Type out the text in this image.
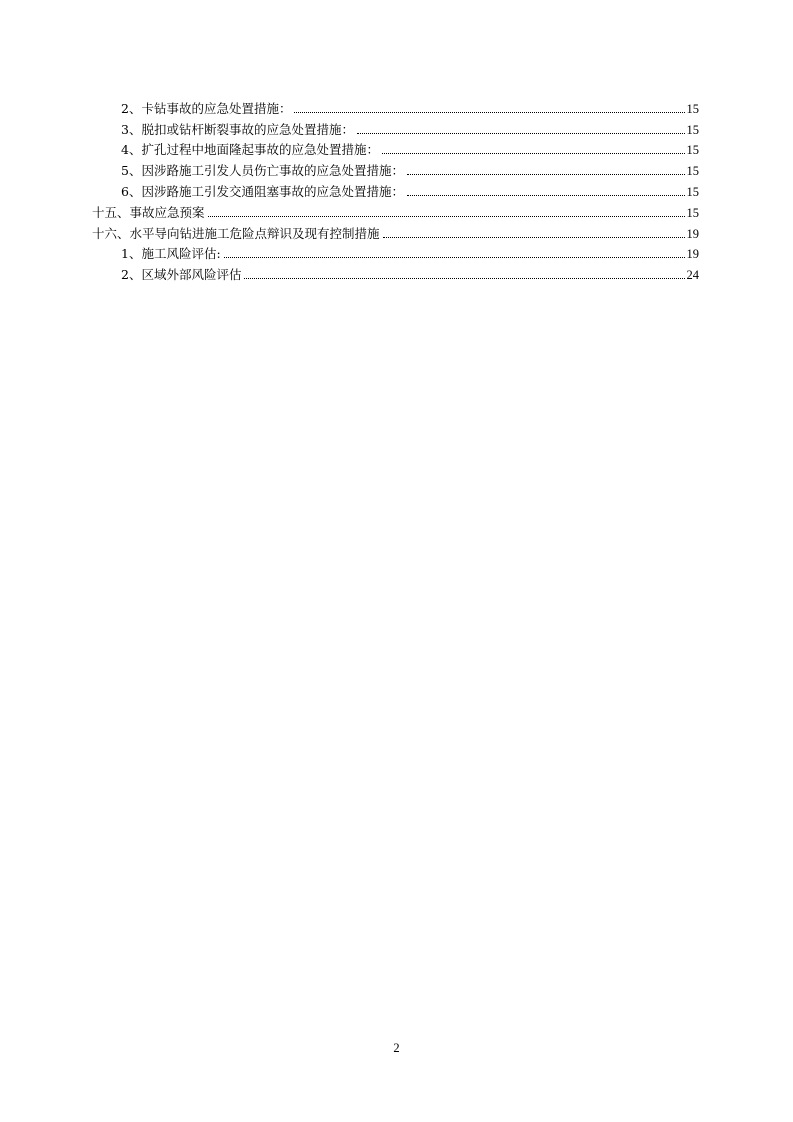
2、卡钻事故的应急处置措施：	15
3、脱扣或钻杆断裂事故的应急处置措施：	15
4、扩孔过程中地面隆起事故的应急处置措施：	15
5、因涉路施工引发人员伤亡事故的应急处置措施：	15
6、因涉路施工引发交通阻塞事故的应急处置措施：	15
十五、事故应急预案	15
十六、水平导向钻进施工危险点辩识及现有控制措施	19
1、施工风险评估:	19
2、区域外部风险评估	24
2
